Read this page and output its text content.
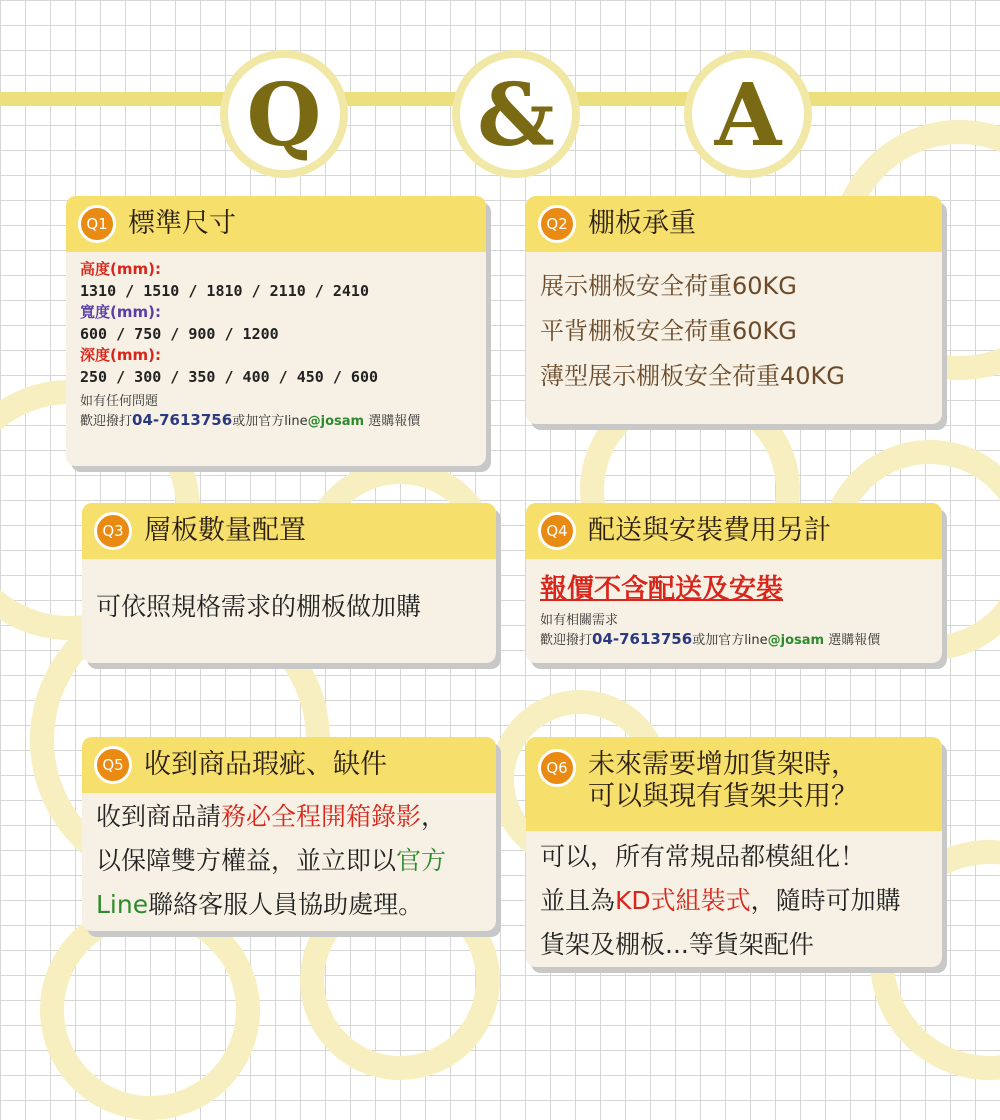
Q & A
Q1 標準尺寸
高度(mm):
1310 / 1510 / 1810 / 2110 / 2410
寬度(mm):
600 / 750 / 900 / 1200
深度(mm):
250 / 300 / 350 / 400 / 450 / 600
如有任何問題
歡迎撥打04-7613756或加官方line@josam 選購報價
Q2 棚板承重
展示棚板安全荷重60KG
平背棚板安全荷重60KG
薄型展示棚板安全荷重40KG
Q3 層板數量配置
可依照規格需求的棚板做加購
Q4 配送與安裝費用另計
報價不含配送及安裝
如有相關需求
歡迎撥打04-7613756或加官方line@josam 選購報價
Q5 收到商品瑕疵、缺件
收到商品請務必全程開箱錄影，
以保障雙方權益，並立即以官方
Line聯絡客服人員協助處理。
Q6 未來需要增加貨架時，
可以與現有貨架共用？
可以，所有常規品都模組化！
並且為KD式組裝式，隨時可加購
貨架及棚板...等貨架配件
